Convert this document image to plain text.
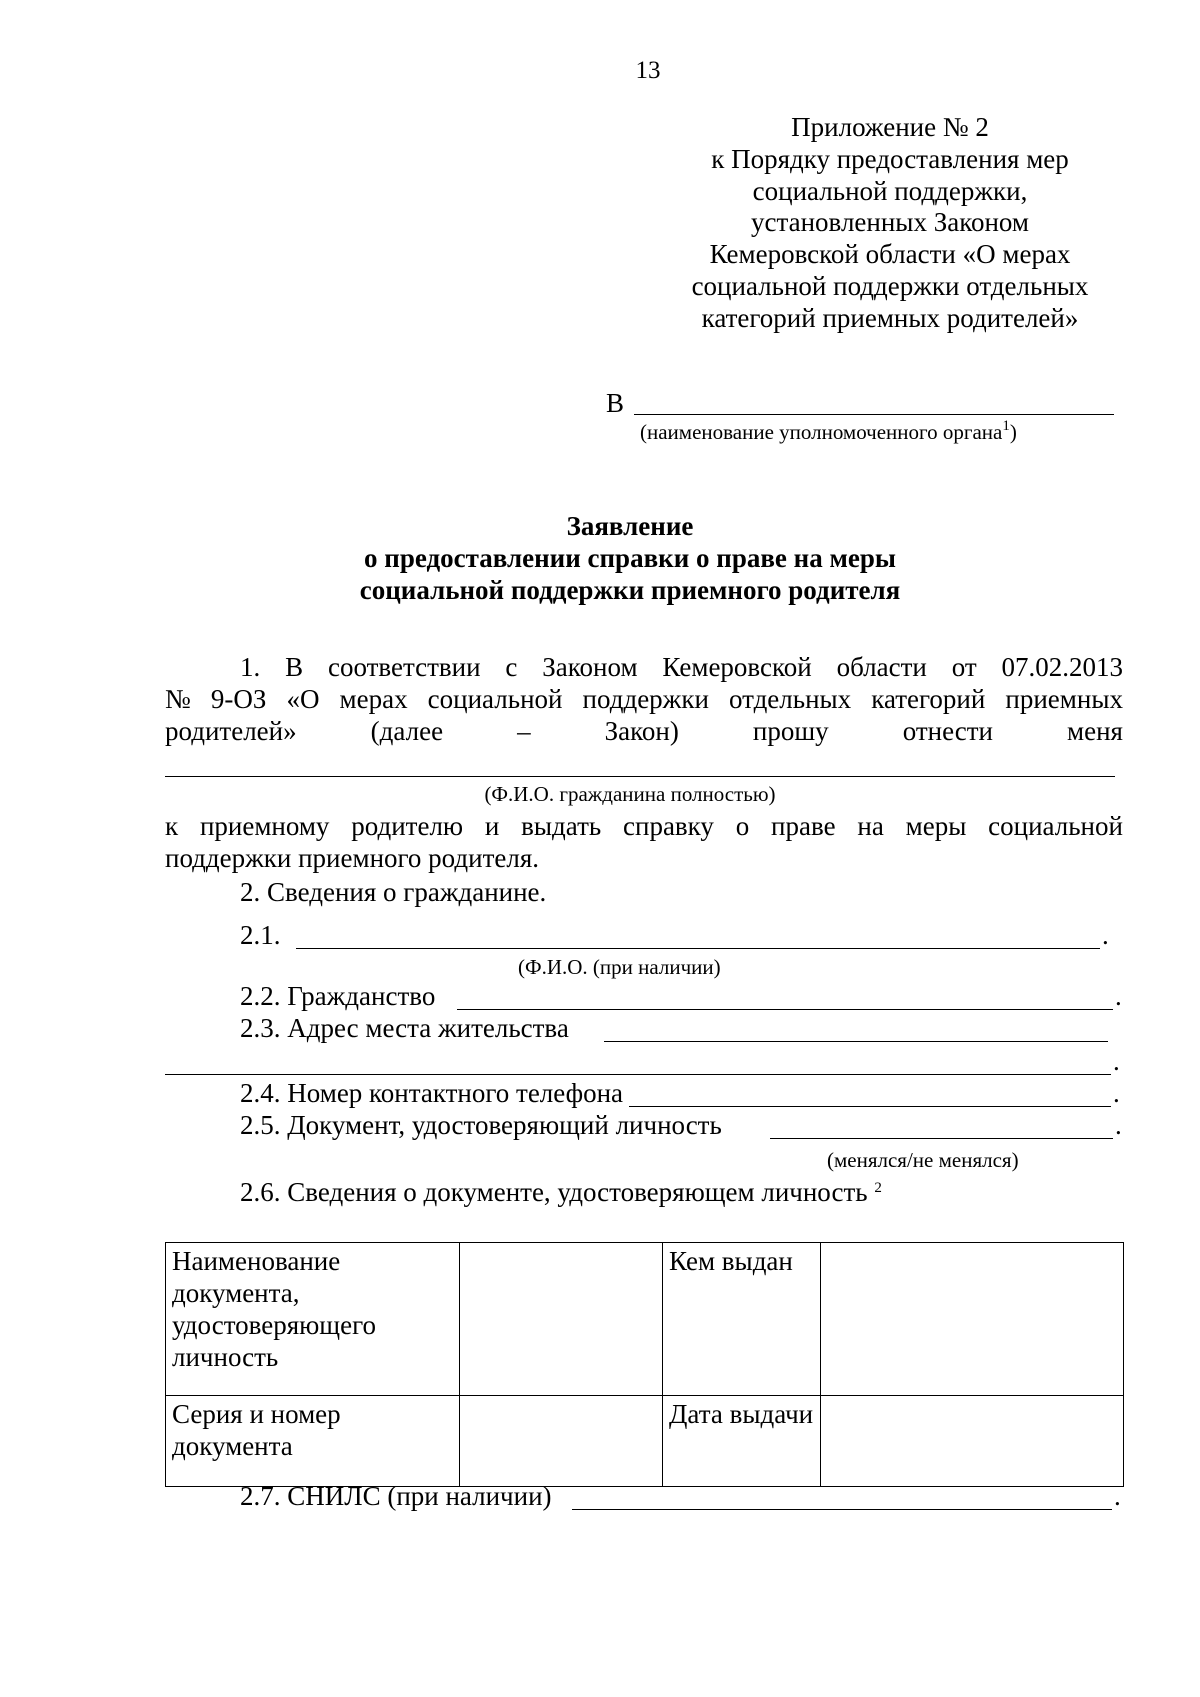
13
Приложение № 2
к Порядку предоставления мер
социальной поддержки,
установленных Законом
Кемеровской области «О мерах
социальной поддержки отдельных
категорий приемных родителей»
В
(наименование уполномоченного органа$^1$)
Заявление
о предоставлении справки о праве на меры
социальной поддержки приемного родителя
1. В соответствии с Законом Кемеровской области от 07.02.2013
№ 9-ОЗ «О мерах социальной поддержки отдельных категорий приемных
родителей»	(далее	–	Закон)	прошу	отнести	меня
(Ф.И.О. гражданина полностью)
к приемному родителю и выдать справку о праве на меры социальной
поддержки приемного родителя.
2. Сведения о гражданине.
2.1.	.
(Ф.И.О. (при наличии)
2.2. Гражданство	.
2.3. Адрес места жительства
.
2.4. Номер контактного телефона	.
2.5. Документ, удостоверяющий личность	.
(менялся/не менялся)
2.6. Сведения о документе, удостоверяющем личность $^2$
Наименование документа, удостоверяющего личность		Кем выдан	
Серия и номер документа		Дата выдачи	
2.7. СНИЛС (при наличии)	.
